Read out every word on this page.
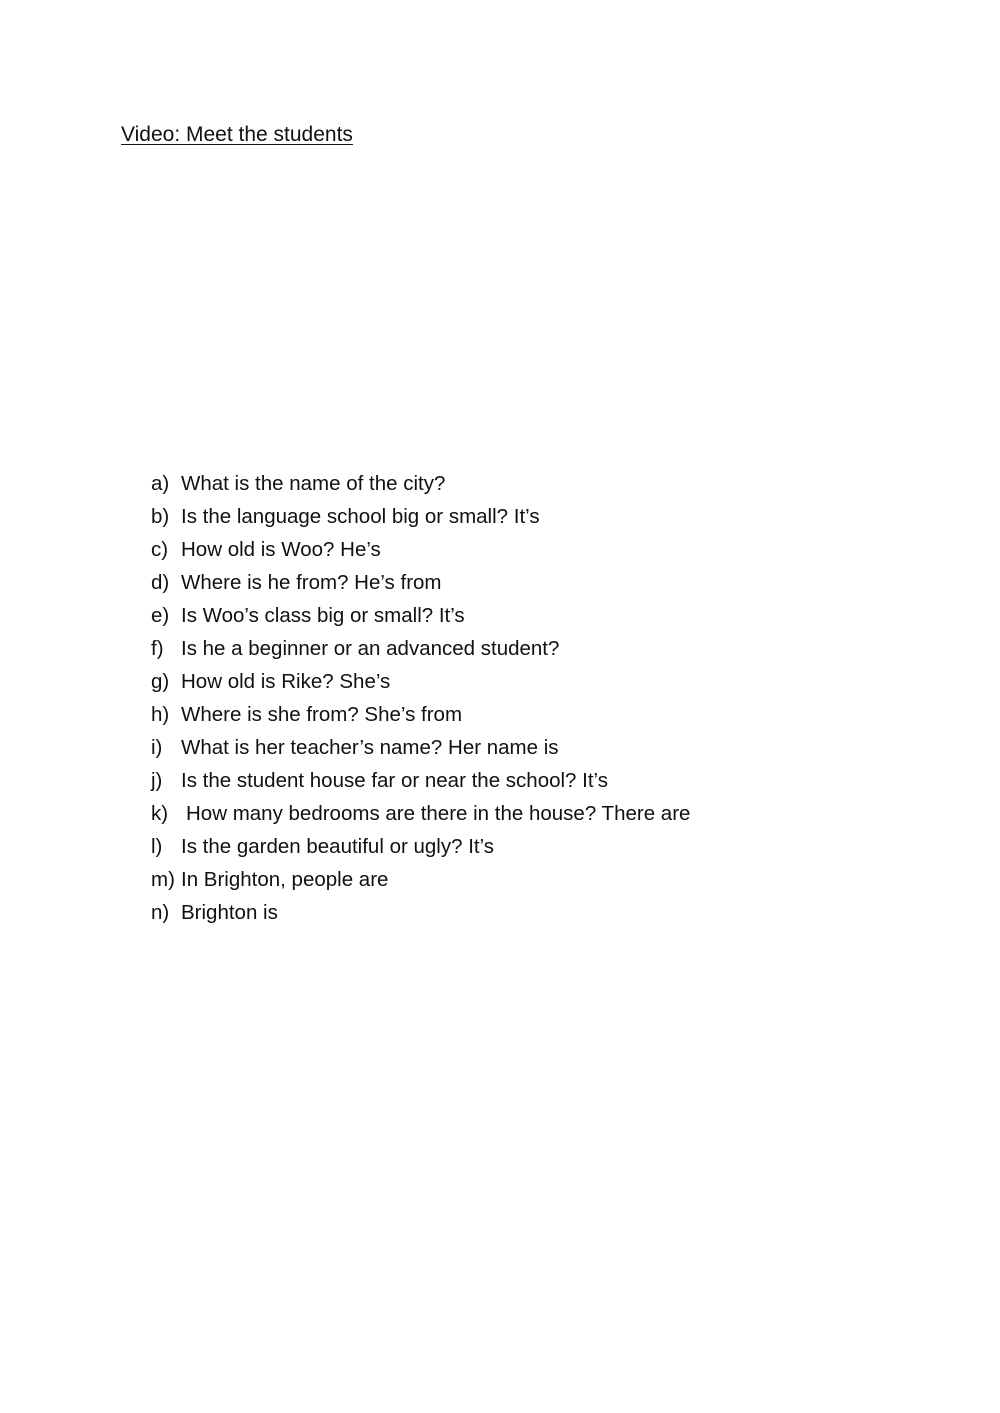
Video: Meet the students
a) What is the name of the city?
b) Is the language school big or small? It’s
c) How old is Woo? He’s
d) Where is he from? He’s from
e) Is Woo’s class big or small? It’s
f) Is he a beginner or an advanced student?
g) How old is Rike? She’s
h) Where is she from? She’s from
i) What is her teacher’s name? Her name is
j) Is the student house far or near the school? It’s
k) How many bedrooms are there in the house? There are
l) Is the garden beautiful or ugly? It’s
m) In Brighton, people are
n) Brighton is
